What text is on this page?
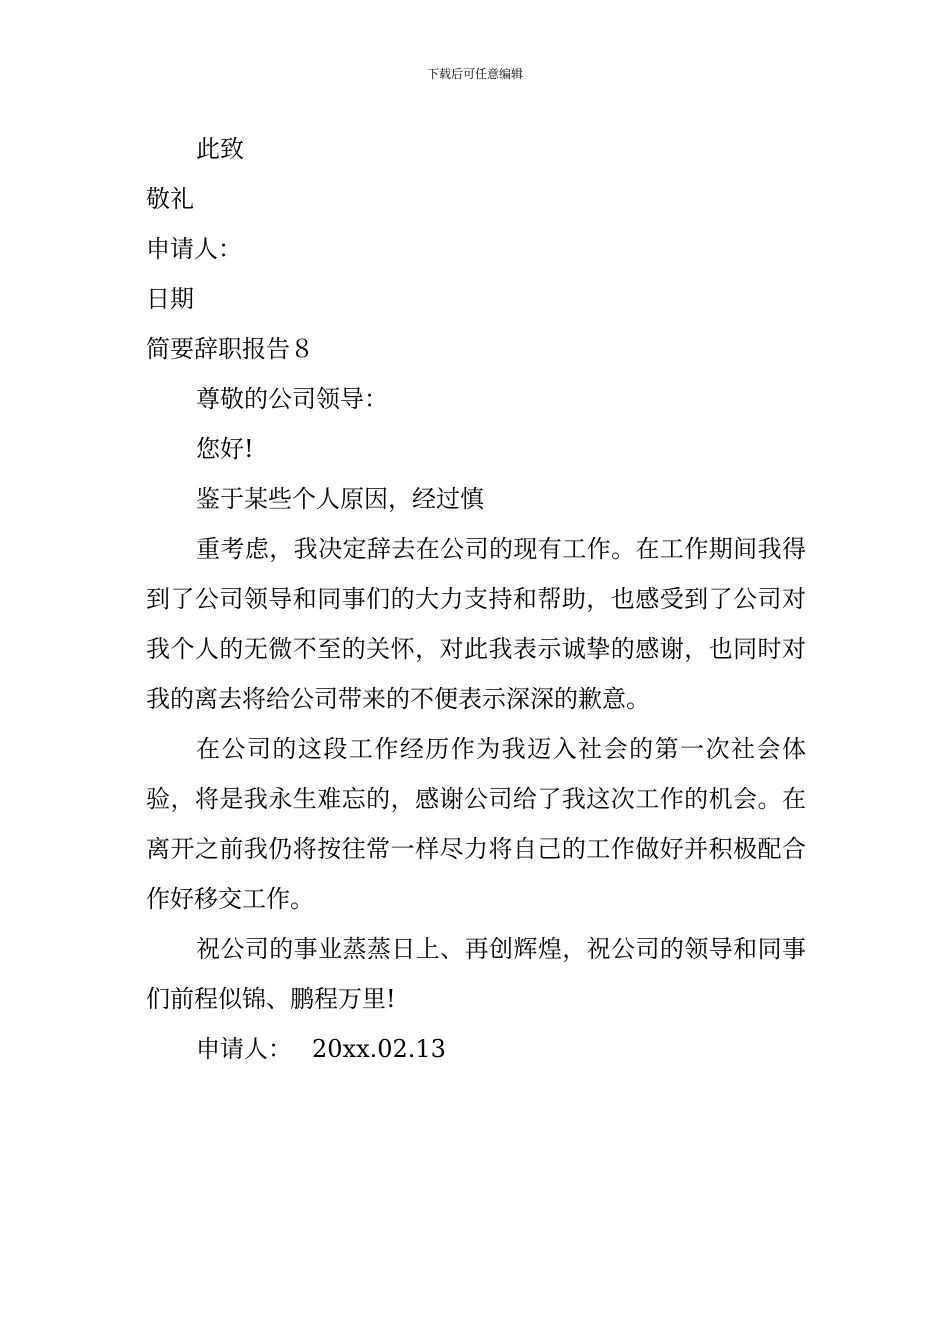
下载后可任意编辑

此致

敬礼

申请人：

日期

简要辞职报告８

尊敬的公司领导：

您好!

鉴于某些个人原因，经过慎

重考虑，我决定辞去在公司的现有工作。在工作期间我得到了公司领导和同事们的大力支持和帮助，也感受到了公司对我个人的无微不至的关怀，对此我表示诚挚的感谢，也同时对我的离去将给公司带来的不便表示深深的歉意。

在公司的这段工作经历作为我迈入社会的第一次社会体验，将是我永生难忘的，感谢公司给了我这次工作的机会。在离开之前我仍将按往常一样尽力将自己的工作做好并积极配合作好移交工作。

祝公司的事业蒸蒸日上、再创辉煌，祝公司的领导和同事们前程似锦、鹏程万里!

申请人： 20xx.02.13
